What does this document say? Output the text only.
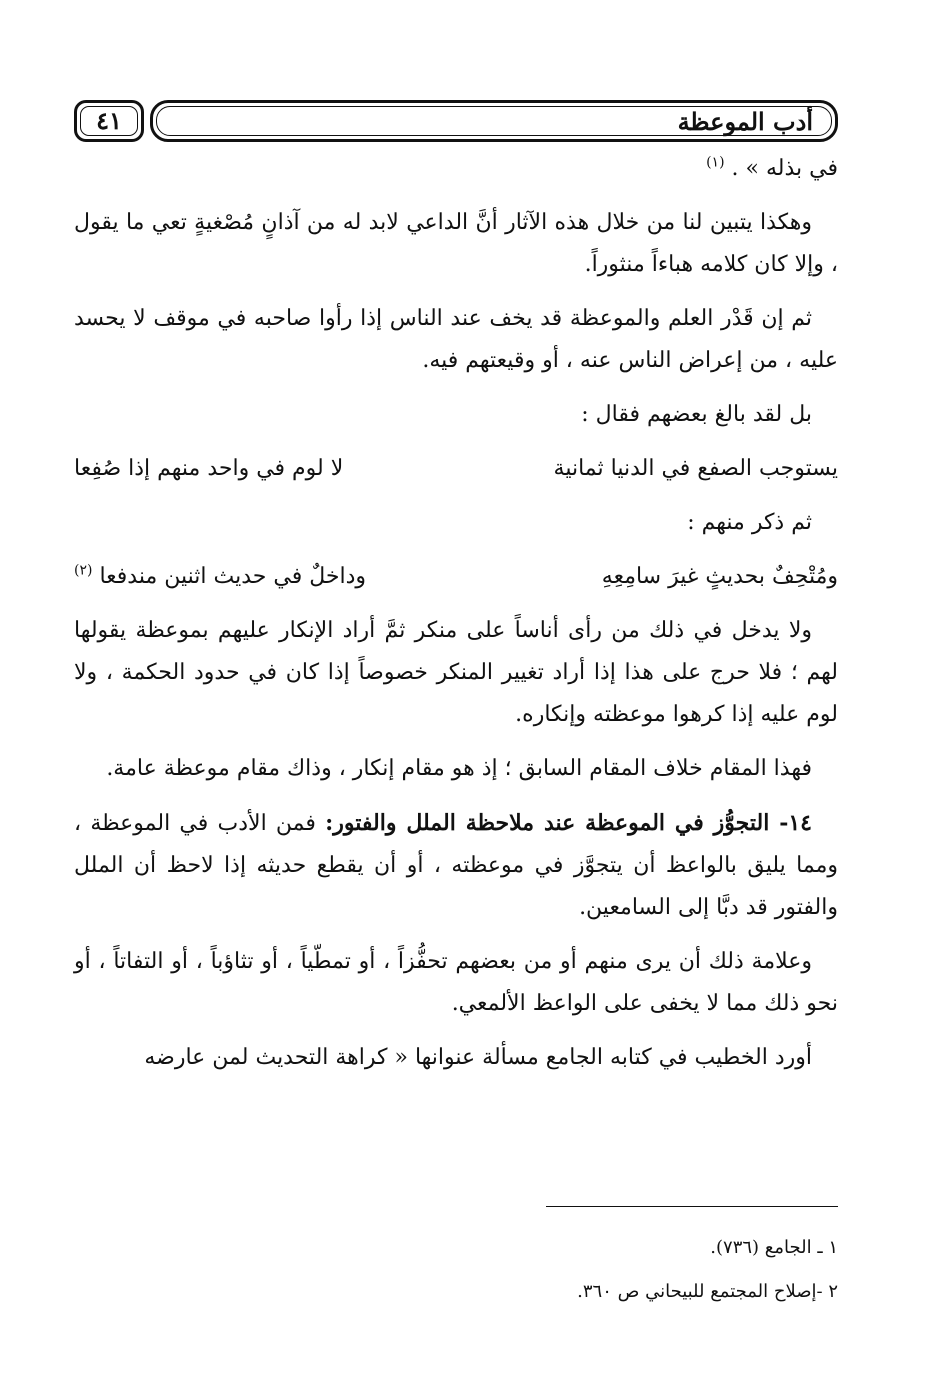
أدب الموعظة
٤١

في بذله » . $^{(١)}$

وهكذا يتبين لنا من خلال هذه الآثار أنَّ الداعي لابد له من آذانٍ مُصْغيةٍ تعي ما يقول ، وإلا كان كلامه هباءاً منثوراً.

ثم إن قَدْر العلم والموعظة قد يخف عند الناس إذا رأوا صاحبه في موقف لا يحسد عليه ، من إعراض الناس عنه ، أو وقيعتهم فيه.

بل لقد بالغ بعضهم فقال :

يستوجب الصفع في الدنيا ثمانية
لا لوم في واحد منهم إذا صُفِعا

ثم ذكر منهم :

ومُتْحِفٌ بحديثٍ غيرَ سامِعِهِ
وداخلٌ في حديث اثنين مندفعا $^{(٢)}$

ولا يدخل في ذلك من رأى أناساً على منكر ثمَّ أراد الإنكار عليهم بموعظة يقولها لهم ؛ فلا حرج على هذا إذا أراد تغيير المنكر خصوصاً إذا كان في حدود الحكمة ، ولا لوم عليه إذا كرهوا موعظته وإنكاره.

فهذا المقام خلاف المقام السابق ؛ إذ هو مقام إنكار ، وذاك مقام موعظة عامة.

١٤- التجوُّز في الموعظة عند ملاحظة الملل والفتور: فمن الأدب في الموعظة ، ومما يليق بالواعظ أن يتجوَّز في موعظته ، أو أن يقطع حديثه إذا لاحظ أن الملل والفتور قد دبَّا إلى السامعين.

وعلامة ذلك أن يرى منهم أو من بعضهم تحفُّزاً ، أو تمطّياً ، أو تثاؤباً ، أو التفاتاً ، أو نحو ذلك مما لا يخفى على الواعظ الألمعي.

أورد الخطيب في كتابه الجامع مسألة عنوانها « كراهة التحديث لمن عارضه

١ ـ الجامع (٧٣٦).
٢ -إصلاح المجتمع للبيحاني ص ٣٦٠.
